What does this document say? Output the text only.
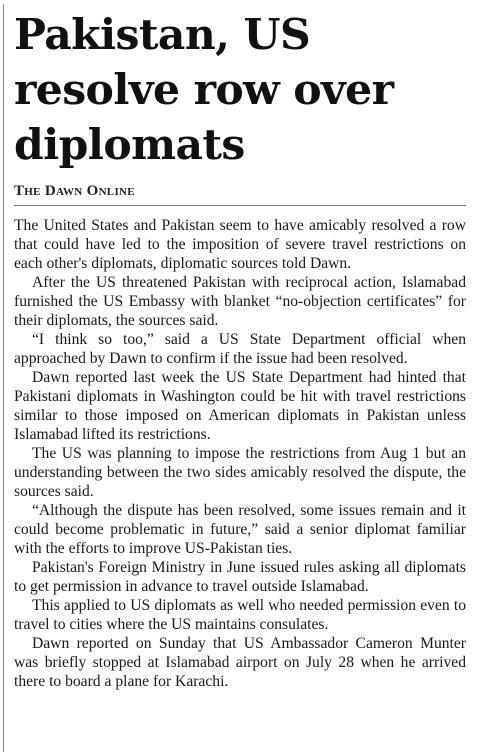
Pakistan, US resolve row over diplomats
The Dawn Online

The United States and Pakistan seem to have amicably resolved a row that could have led to the imposition of severe travel restrictions on each other's diplomats, diplomatic sources told Dawn.

After the US threatened Pakistan with reciprocal action, Islamabad furnished the US Embassy with blanket “no-objection certificates” for their diplomats, the sources said.

“I think so too,” said a US State Department official when approached by Dawn to confirm if the issue had been resolved.

Dawn reported last week the US State Department had hinted that Pakistani diplomats in Washington could be hit with travel restrictions similar to those imposed on American diplomats in Pakistan unless Islamabad lifted its restrictions.

The US was planning to impose the restrictions from Aug 1 but an understanding between the two sides amicably resolved the dispute, the sources said.

“Although the dispute has been resolved, some issues remain and it could become problematic in future,” said a senior diplomat familiar with the efforts to improve US-Pakistan ties.

Pakistan's Foreign Ministry in June issued rules asking all diplomats to get permission in advance to travel outside Islamabad.

This applied to US diplomats as well who needed permission even to travel to cities where the US maintains consulates.

Dawn reported on Sunday that US Ambassador Cameron Munter was briefly stopped at Islamabad airport on July 28 when he arrived there to board a plane for Karachi.
